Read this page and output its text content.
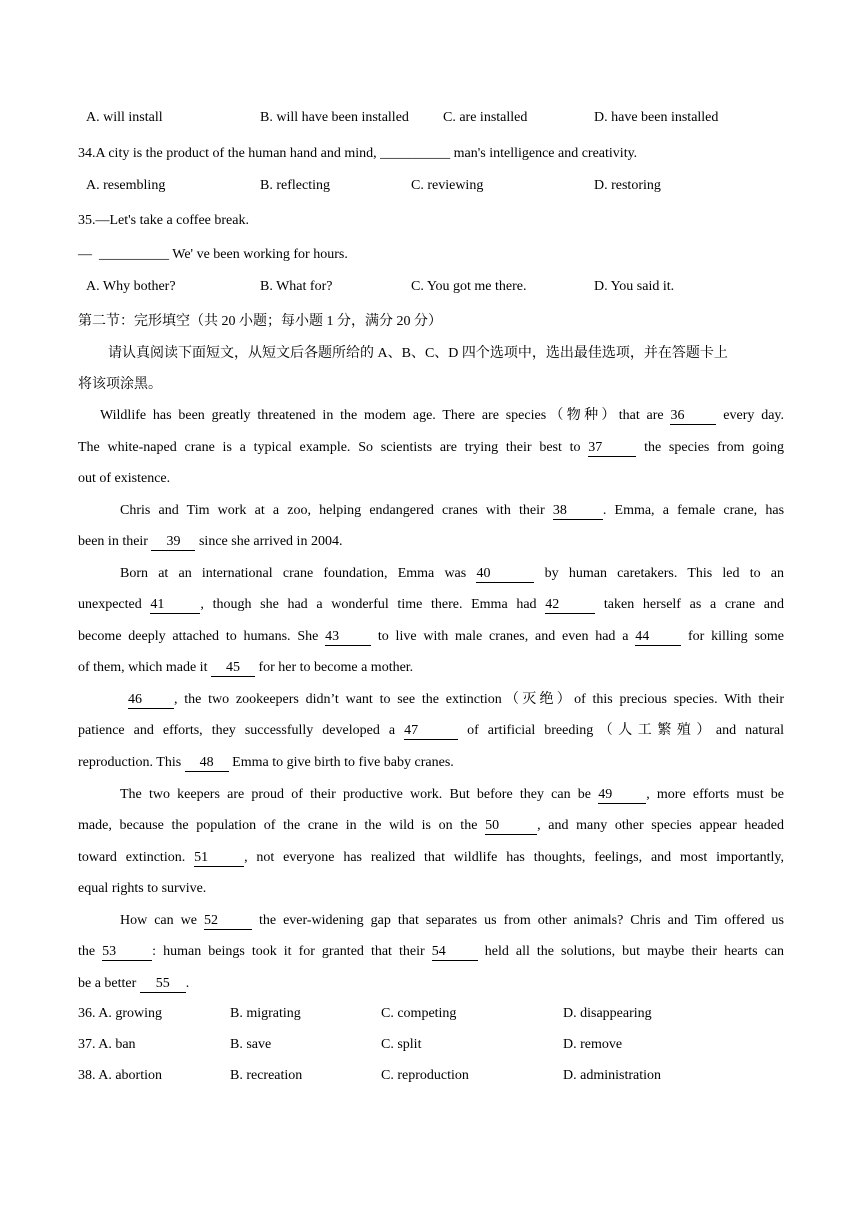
A. will install	B. will have been installed C. are installed	D. have been installed
34.A city is the product of the human hand and mind, __________ man's intelligence and creativity.
A. resembling	B. reflecting	C. reviewing	D. restoring
35.—Let's take a coffee break.
— __________ We' ve been working for hours.
A. Why bother?	B. What for?	C. You got me there.	D. You said it.
第二节：完形填空（共 20 小题；每小题 1 分，满分 20 分）
请认真阅读下面短文，从短文后各题所给的 A、B、C、D 四个选项中，选出最佳选项，并在答题卡上
将该项涂黑。
Wildlife has been greatly threatened in the modem age. There are species（物种）that are 36	every day.
The white-naped crane is a typical example. So scientists are trying their best to 37	the species from going
out of existence.
Chris and Tim work at a zoo, helping endangered cranes with their 38	. Emma, a female crane, has
been in their 39 since she arrived in 2004.
Born at an international crane foundation, Emma was 40	by human caretakers. This led to an
unexpected 41	, though she had a wonderful time there. Emma had 42	taken herself as a crane and
become deeply attached to humans. She 43	to live with male cranes, and even had a 44	for killing some
of them, which made it 45 for her to become a mother.
46 , the two zookeepers didn’t want to see the extinction（灭绝）of this precious species. With their
patience and efforts, they successfully developed a 47	of artificial breeding（人工繁殖）and natural
reproduction. This 48 Emma to give birth to five baby cranes.
The two keepers are proud of their productive work. But before they can be 49 , more efforts must be
made, because the population of the crane in the wild is on the 50	, and many other species appear headed
toward extinction. 51	, not everyone has realized that wildlife has thoughts, feelings, and most importantly,
equal rights to survive.
How can we 52	the ever-widening gap that separates us from other animals? Chris and Tim offered us
the 53	: human beings took it for granted that their 54	held all the solutions, but maybe their hearts can
be a better 55 .
36. A. growing	B. migrating	C. competing	D. disappearing
37. A. ban	B. save	C. split	D. remove
38. A. abortion	B. recreation	C. reproduction	D. administration
